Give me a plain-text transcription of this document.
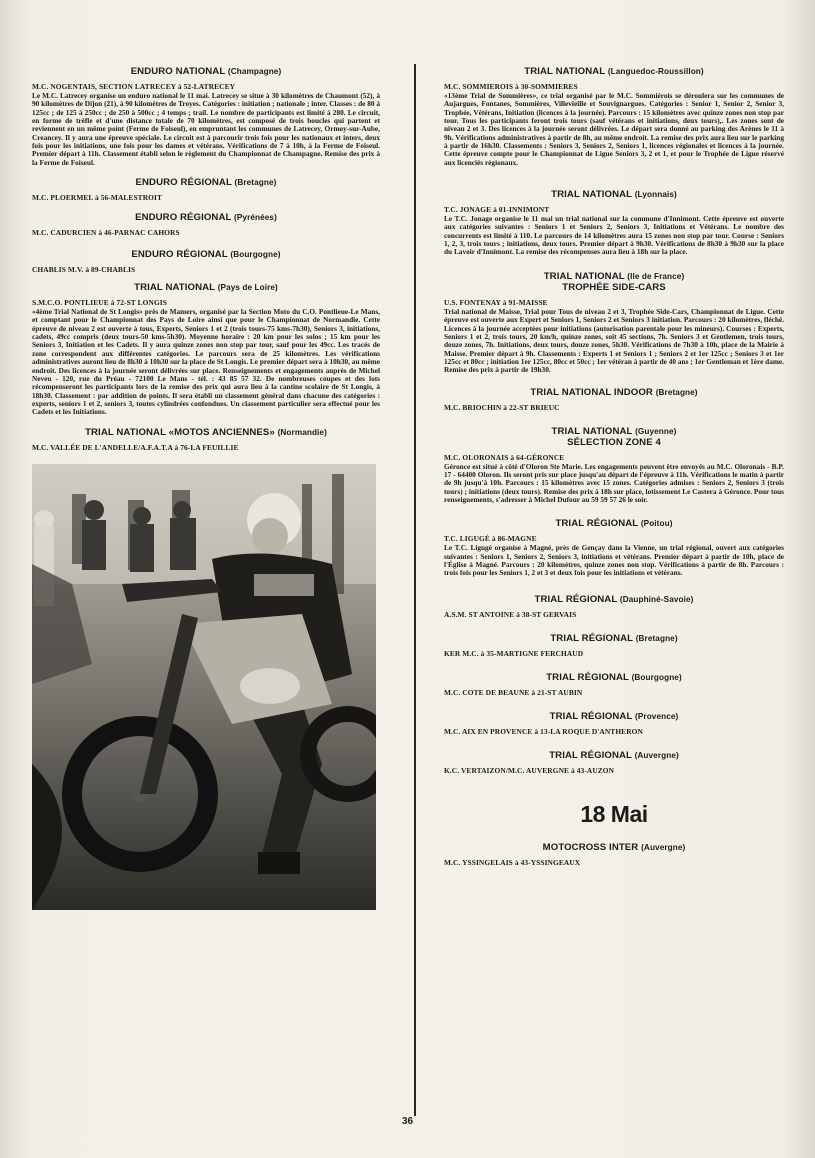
ENDURO NATIONAL (Champagne)
M.C. NOGENTAIS, SECTION LATRECEY à 52-LATRECEY
Le M.C. Latrecey organise un enduro national le 11 mai. Latrecey se situe à 30 kilomètres de Chaumont (52), à 90 kilomètres de Dijon (21), à 90 kilomètres de Troyes. Catégories : initiation ; nationale ; inter. Classes : de 80 à 125cc ; de 125 à 250cc ; de 250 à 500cc ; 4 temps ; trail. Le nombre de participants est limité à 280. Le circuit, en forme de trèfle et d'une distance totale de 70 kilomètres, est composé de trois boucles qui partent et reviennent en un même point (Ferme de Foiseul), en empruntant les communes de Latrecey, Ormoy-sur-Aube, Creancey. Il y aura une épreuve spéciale. Le circuit est à parcourir trois fois pour les nationaux et inters, deux fois pour les initiations, une fois pour les dames et vétérans. Vérifications de 7 à 10h, à la Ferme de Foiseul. Premier départ à 11h. Classement établi selon le règlement du Championnat de Champagne. Remise des prix à la Ferme de Foiseul.
ENDURO RÉGIONAL (Bretagne)
M.C. PLOERMEL à 56-MALESTROIT
ENDURO RÉGIONAL (Pyrénées)
M.C. CADURCIEN à 46-PARNAC CAHORS
ENDURO RÉGIONAL (Bourgogne)
CHABLIS M.V. à 89-CHABLIS
TRIAL NATIONAL (Pays de Loire)
S.M.C.O. PONTLIEUE à 72-ST LONGIS
«4ème Trial National de St Longis» près de Mamers, organisé par la Section Moto du C.O. Pontlieue-Le Mans, et comptant pour le Championnat des Pays de Loire ainsi que pour le Championnat de Normandie. Cette épreuve de niveau 2 est ouverte à tous, Experts, Seniors 1 et 2 (trois tours-75 kms-7h30), Seniors 3, initiations, cadets, 49cc compris (deux tours-50 kms-5h30). Moyenne horaire : 20 km pour les solos ; 15 km pour les Seniors 3, Initiation et les Cadets. Il y aura quinze zones non stop par tour, sauf pour les 49cc. Les tracés de zone correspondent aux différentes catégories. Le parcours sera de 25 kilomètres. Les vérifications administratives auront lieu de 8h30 à 10h30 sur la place de St Longis. Le premier départ sera à 10h30, au même endroit. Des licences à la journée seront délivrées sur place. Renseignements et engagements auprès de Michel Neveu - 120, rue du Préau - 72100 Le Mans - tél. : 43 85 57 32. De nombreuses coupes et des lots récompenseront les participants lors de la remise des prix qui aura lieu à la cantine scolaire de St Longis, à 18h30. Classement : par addition de points. Il sera établi un classement général dans chacune des catégories : experts, seniors 1 et 2, seniors 3, toutes cylindrées confondues. Un classement particulier sera effectué pour les Cadets et les Initiations.
TRIAL NATIONAL «MOTOS ANCIENNES» (Normandie)
M.C. VALLÉE DE L'ANDELLE/A.F.A.T.A à 76-LA FEUILLIE
TRIAL NATIONAL (Languedoc-Roussillon)
M.C. SOMMIEROIS à 30-SOMMIERES
«13ème Trial de Sommières», ce trial organisé par le M.C. Sommiérois se déroulera sur les communes de Aujargues, Fontanes, Sommières, Villevieille et Souvignargues. Catégories : Senior 1, Senior 2, Senior 3, Trophée, Vétérans, Initiation (licences à la journée). Parcours : 15 kilomètres avec quinze zones non stop par tour. Tous les participants feront trois tours (sauf vétérans et initiations, deux tours),. Les zones sont de niveau 2 et 3. Des licences à la journée seront délivrées. Le départ sera donné au parking des Arènes le 11 à 9h. Vérifications administratives à partir de 8h, au même endroit. La remise des prix aura lieu sur le parking à partir de 16h30. Classements : Seniors 3, Seniors 2, Seniors 1, licences régionales et licences à la journée. Cette épreuve compte pour le Championnat de Ligue Seniors 3, 2 et 1, et pour le Trophée de Ligue réservé aux licenciés régionaux.
TRIAL NATIONAL (Lyonnais)
T.C. JONAGE à 01-INNIMONT
Le T.C. Jonage organise le 11 mai un trial national sur la commune d'Innimont. Cette épreuve est ouverte aux catégories suivantes : Seniors 1 et Seniors 2, Seniors 3, Initiations et Vétérans. Le nombre des concurrents est limité à 110. Le parcours de 14 kilomètres aura 15 zones non stop par tour. Course : Seniors 1, 2, 3, trois tours ; initiations, deux tours. Premier départ à 9h30. Vérifications de 8h30 à 9h30 sur la place du Lavoir d'Innimont. La remise des récompenses aura lieu à 18h sur la place.
TRIAL NATIONAL (Ile de France)
TROPHÉE SIDE-CARS
U.S. FONTENAY à 91-MAISSE
Trial national de Maisse, Trial pour Tous de niveau 2 et 3, Trophée Side-Cars, Championnat de Ligue. Cette épreuve est ouverte aux Expert et Seniors 1, Seniors 2 et Seniors 3 initiation. Parcours : 20 kilomètres, fléché. Licences à la journée acceptées pour initiations (autorisation parentale pour les mineurs). Courses : Experts, Seniors 1 et 2, trois tours, 20 km/h, quinze zones, soit 45 sections, 7h. Seniors 3 et Gentlemen, trois tours, douze zones, 7h. Initiations, deux tours, douze zones, 5h30. Vérifications de 7h30 à 10h, place de la Mairie à Maisse. Premier départ à 9h. Classements : Experts 1 et Seniors 1 ; Seniors 2 et 1er 125cc ; Seniors 3 et 1er 125cc et 80cc ; initiation 1er 125cc, 80cc et 50cc ; 1er vétéran à partir de 40 ans ; 1er Gentleman et 1ère dame. Remise des prix à partir de 19h30.
TRIAL NATIONAL INDOOR (Bretagne)
M.C. BRIOCHIN à 22-ST BRIEUC
TRIAL NATIONAL (Guyenne)
SÉLECTION ZONE 4
M.C. OLORONAIS à 64-GÉRONCE
Géronce est situé à côté d'Oloron Ste Marie. Les engagements peuvent être envoyés au M.C. Oloronais - B.P. 17 - 64400 Oloron. Ils seront pris sur place jusqu'au départ de l'épreuve à 11h. Vérifications le matin à partir de 9h jusqu'à 10h. Parcours : 15 kilomètres avec 15 zones. Catégories admises : Seniors 2, Seniors 3 (trois tours) ; initiations (deux tours). Remise des prix à 18h sur place, lotissement Le Castera à Géronce. Pour tous renseignements, s'adresser à Michel Dufour au 59 59 57 26 le soir.
TRIAL RÉGIONAL (Poitou)
T.C. LIGUGÉ à 86-MAGNE
Le T.C. Ligugé organise à Magné, près de Gençay dans la Vienne, un trial régional, ouvert aux catégories suivantes : Seniors 1, Seniors 2, Seniors 3, initiations et vétérans. Premier départ à partir de 10h, place de l'Église à Magné. Parcours : 20 kilomètres, quinze zones non stop. Vérifications à partir de 8h. Parcours : trois fois pour les Seniors 1, 2 et 3 et deux fois pour les initiations et vétérans.
TRIAL RÉGIONAL (Dauphiné-Savoie)
A.S.M. ST ANTOINE à 38-ST GERVAIS
TRIAL RÉGIONAL (Bretagne)
KER M.C. à 35-MARTIGNE FERCHAUD
TRIAL RÉGIONAL (Bourgogne)
M.C. COTE DE BEAUNE à 21-ST AUBIN
TRIAL RÉGIONAL (Provence)
M.C. AIX EN PROVENCE à 13-LA ROQUE D'ANTHERON
TRIAL RÉGIONAL (Auvergne)
K.C. VERTAIZON/M.C. AUVERGNE à 43-AUZON
18 Mai
MOTOCROSS INTER (Auvergne)
M.C. YSSINGELAIS à 43-YSSINGEAUX
36
